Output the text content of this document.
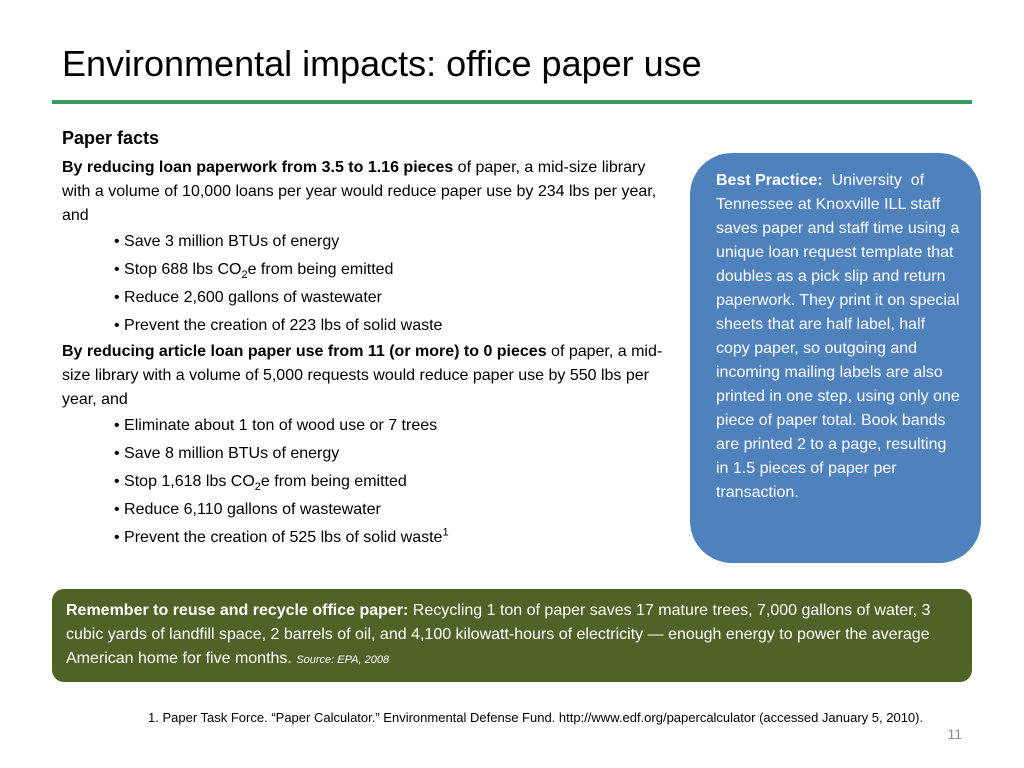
Environmental impacts: office paper use
Paper facts

By reducing loan paperwork from 3.5 to 1.16 pieces of paper, a mid-size library with a volume of 10,000 loans per year would reduce paper use by 234 lbs per year, and

• Save 3 million BTUs of energy
• Stop 688 lbs $CO_2e$ from being emitted
• Reduce 2,600 gallons of wastewater
• Prevent the creation of 223 lbs of solid waste

By reducing article loan paper use from 11 (or more) to 0 pieces of paper, a mid-size library with a volume of 5,000 requests would reduce paper use by 550 lbs per year, and

• Eliminate about 1 ton of wood use or 7 trees
• Save 8 million BTUs of energy
• Stop 1,618 lbs $CO_2e$ from being emitted
• Reduce 6,110 gallons of wastewater
• Prevent the creation of 525 lbs of solid waste$^1$
Best Practice:  University  of Tennessee at Knoxville ILL staff saves paper and staff time using a unique loan request template that doubles as a pick slip and return paperwork. They print it on special sheets that are half label, half copy paper, so outgoing and incoming mailing labels are also printed in one step, using only one piece of paper total. Book bands are printed 2 to a page, resulting in 1.5 pieces of paper per transaction.
Remember to reuse and recycle office paper: Recycling 1 ton of paper saves 17 mature trees, 7,000 gallons of water, 3 cubic yards of landfill space, 2 barrels of oil, and 4,100 kilowatt-hours of electricity — enough energy to power the average American home for five months. Source: EPA, 2008
1. Paper Task Force. “Paper Calculator.” Environmental Defense Fund. http://www.edf.org/papercalculator (accessed January 5, 2010).
11
